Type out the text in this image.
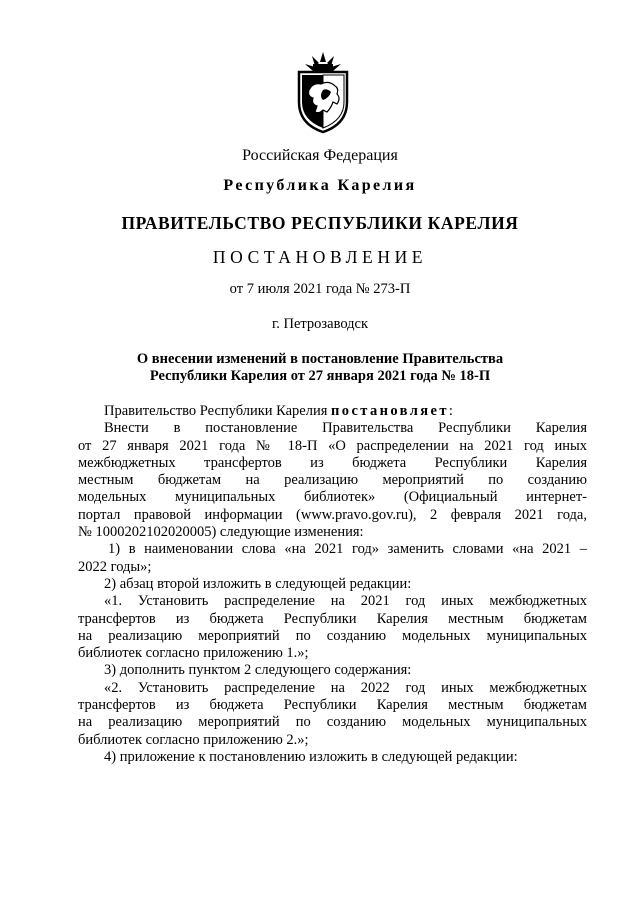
Российская Федерация
Республика Карелия
ПРАВИТЕЛЬСТВО РЕСПУБЛИКИ КАРЕЛИЯ
ПОСТАНОВЛЕНИЕ
от 7 июля 2021 года № 273-П
г. Петрозаводск
О внесении изменений в постановление Правительства
Республики Карелия от 27 января 2021 года № 18-П
Правительство Республики Карелия постановляет:
Внести в постановление Правительства Республики Карелия
от 27 января 2021 года № 18-П «О распределении на 2021 год иных
межбюджетных трансфертов из бюджета Республики Карелия
местным бюджетам на реализацию мероприятий по созданию
модельных муниципальных библиотек» (Официальный интернет-
портал правовой информации (www.pravo.gov.ru), 2 февраля 2021 года,
№ 1000202102020005) следующие изменения:
1) в наименовании слова «на 2021 год» заменить словами «на 2021 –
2022 годы»;
2) абзац второй изложить в следующей редакции:
«1. Установить распределение на 2021 год иных межбюджетных
трансфертов из бюджета Республики Карелия местным бюджетам
на реализацию мероприятий по созданию модельных муниципальных
библиотек согласно приложению 1.»;
3) дополнить пунктом 2 следующего содержания:
«2. Установить распределение на 2022 год иных межбюджетных
трансфертов из бюджета Республики Карелия местным бюджетам
на реализацию мероприятий по созданию модельных муниципальных
библиотек согласно приложению 2.»;
4) приложение к постановлению изложить в следующей редакции:
